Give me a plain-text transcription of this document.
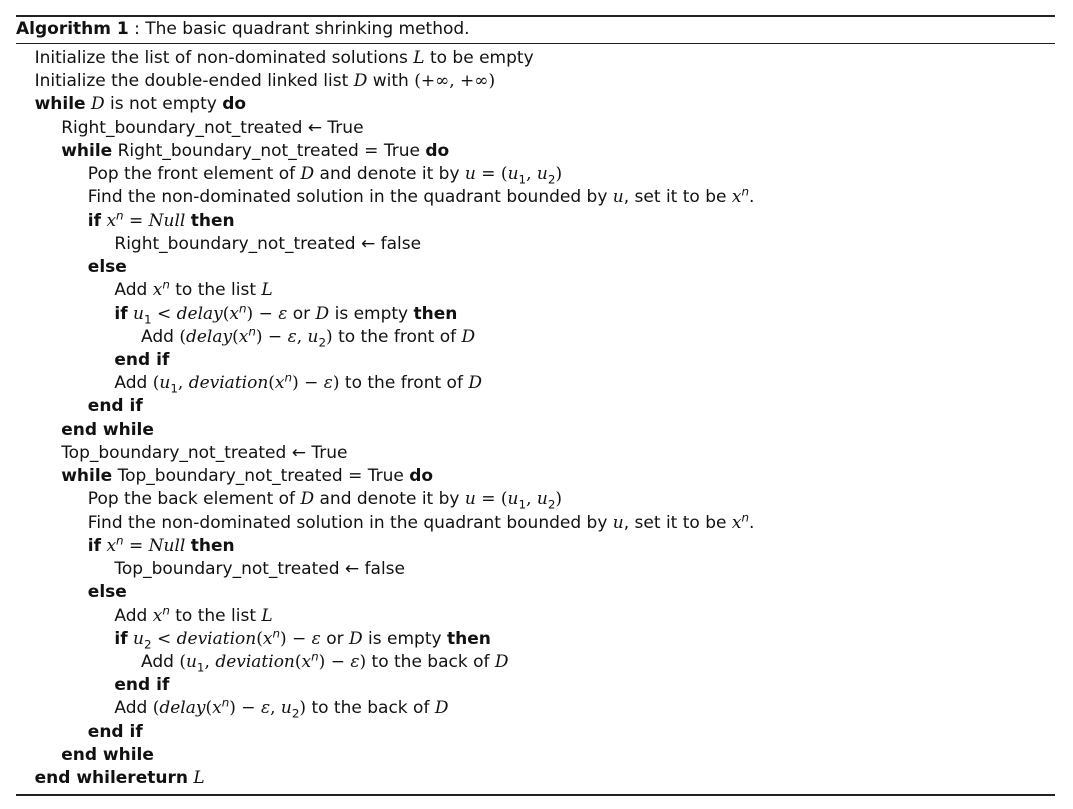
Algorithm 1 : The basic quadrant shrinking method.
Initialize the list of non-dominated solutions L to be empty
Initialize the double-ended linked list D with (+∞, +∞)
while D is not empty do
Right_boundary_not_treated ← True
while Right_boundary_not_treated = True do
Pop the front element of D and denote it by $u = (u_1$, $u_2$)
Find the non-dominated solution in the quadrant bounded by u, set it to be $x^n$.
if $x^n$ = Null then
Right_boundary_not_treated ← false
else
Add $x^n$ to the list L
if $u_1$ < $delay(x^n) - \varepsilon$ or D is empty then
Add ($delay(x^n) - \varepsilon$, $u_2$) to the front of D
end if
Add ($u_1$, $deviation(x^n) - \varepsilon$) to the front of D
end if
end while
Top_boundary_not_treated ← True
while Top_boundary_not_treated = True do
Pop the back element of D and denote it by $u = (u_1$, $u_2$)
Find the non-dominated solution in the quadrant bounded by u, set it to be $x^n$.
if $x^n$ = Null then
Top_boundary_not_treated ← false
else
Add $x^n$ to the list L
if $u_2$ < $deviation(x^n) - \varepsilon$ or D is empty then
Add ($u_1$, $deviation(x^n) - \varepsilon$) to the back of D
end if
Add ($delay(x^n) - \varepsilon$, $u_2$) to the back of D
end if
end while
end whilereturn L
